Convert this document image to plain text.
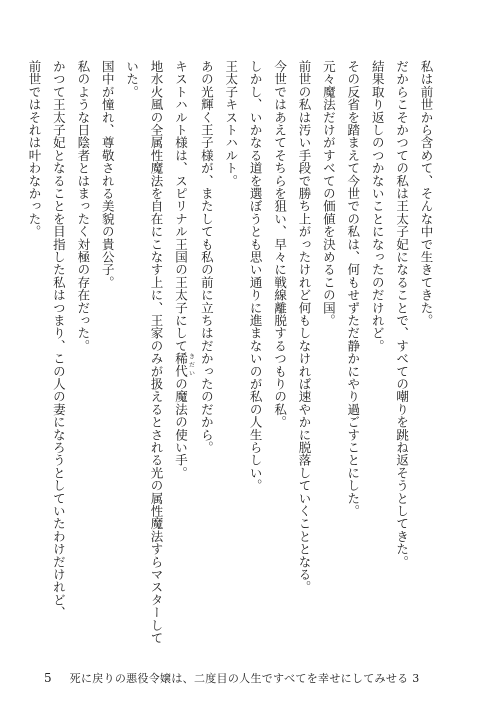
私は前世から含めて、そんな中で生きてきた。
だからこそかつての私は王太子妃になることで、すべての嘲りを跳ね返そうとしてきた。
結果取り返しのつかないことになったのだけれど。
その反省を踏まえて今世での私は、何もせずただ静かにやり過ごすことにした。
元々魔法だけがすべての価値を決めるこの国。
前世の私は汚い手段で勝ち上がったけれど何もしなければ速やかに脱落していくこととなる。
今世ではあえてそちらを狙い、早々に戦線離脱するつもりの私。
しかし、いかなる道を選ぼうとも思い通りに進まないのが私の人生らしい。
王太子キストハルト。
あの光輝く王子様が、またしても私の前に立ちはだかったのだから。
キストハルト様は、スピリナル王国の王太子にして稀代 きだいの魔法の使い手。
地水火風の全属性魔法を自在にこなす上に、王家のみが扱えるとされる光の属性魔法すらマスターしていた。
国中が憧れ、尊敬される美貌の貴公子。
私のような日陰者とはまったく対極の存在だった。
かつて王太子妃となることを目指した私はつまり、この人の妻になろうとしていたわけだけれど、
前世ではそれは叶わなかった。
5 死に戻りの悪役令嬢は、二度目の人生ですべてを幸せにしてみせる 3
